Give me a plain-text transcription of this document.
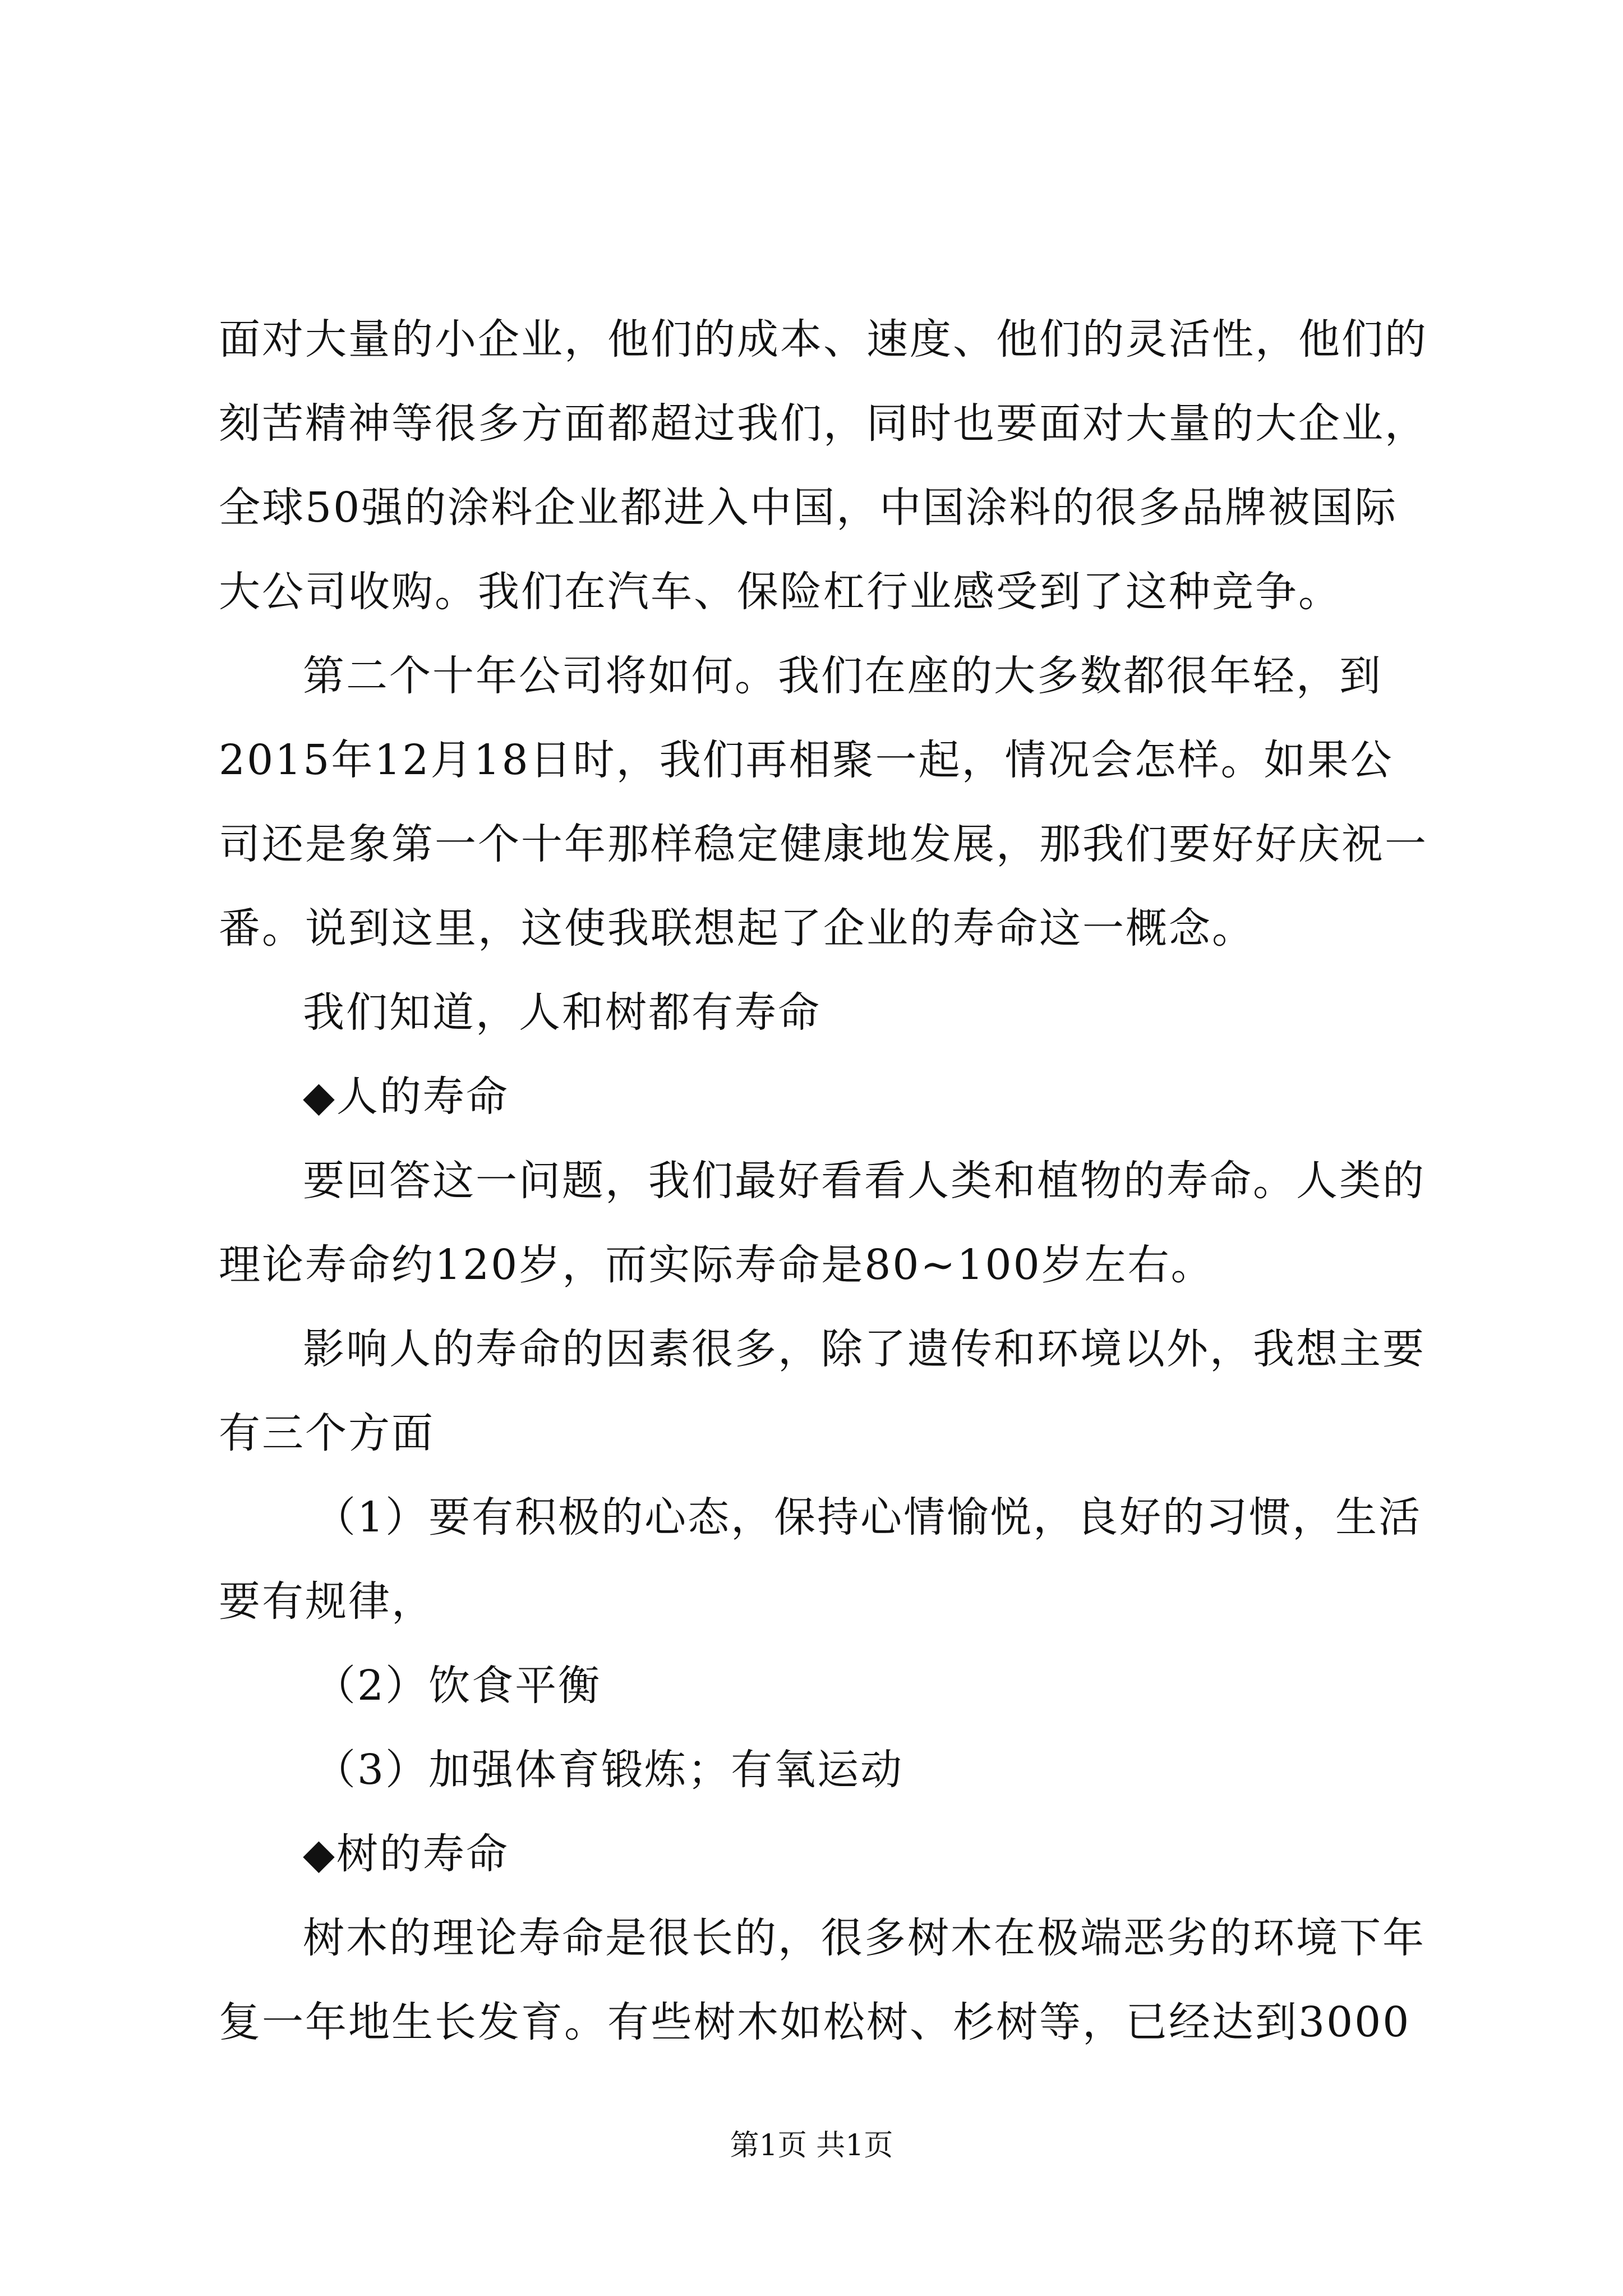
面对大量的小企业，他们的成本、速度、他们的灵活性，他们的
刻苦精神等很多方面都超过我们，同时也要面对大量的大企业，
全球50强的涂料企业都进入中国，中国涂料的很多品牌被国际
大公司收购。我们在汽车、保险杠行业感受到了这种竞争。
第二个十年公司将如何。我们在座的大多数都很年轻，到
2015年12月18日时，我们再相聚一起，情况会怎样。如果公
司还是象第一个十年那样稳定健康地发展，那我们要好好庆祝一
番。说到这里，这使我联想起了企业的寿命这一概念。
我们知道，人和树都有寿命
◆人的寿命
要回答这一问题，我们最好看看人类和植物的寿命。人类的
理论寿命约120岁，而实际寿命是80~100岁左右。
影响人的寿命的因素很多，除了遗传和环境以外，我想主要
有三个方面
（1）要有积极的心态，保持心情愉悦，良好的习惯，生活
要有规律，
（2）饮食平衡
（3）加强体育锻炼；有氧运动
◆树的寿命
树木的理论寿命是很长的，很多树木在极端恶劣的环境下年
复一年地生长发育。有些树木如松树、杉树等，已经达到3000
第1页 共1页
